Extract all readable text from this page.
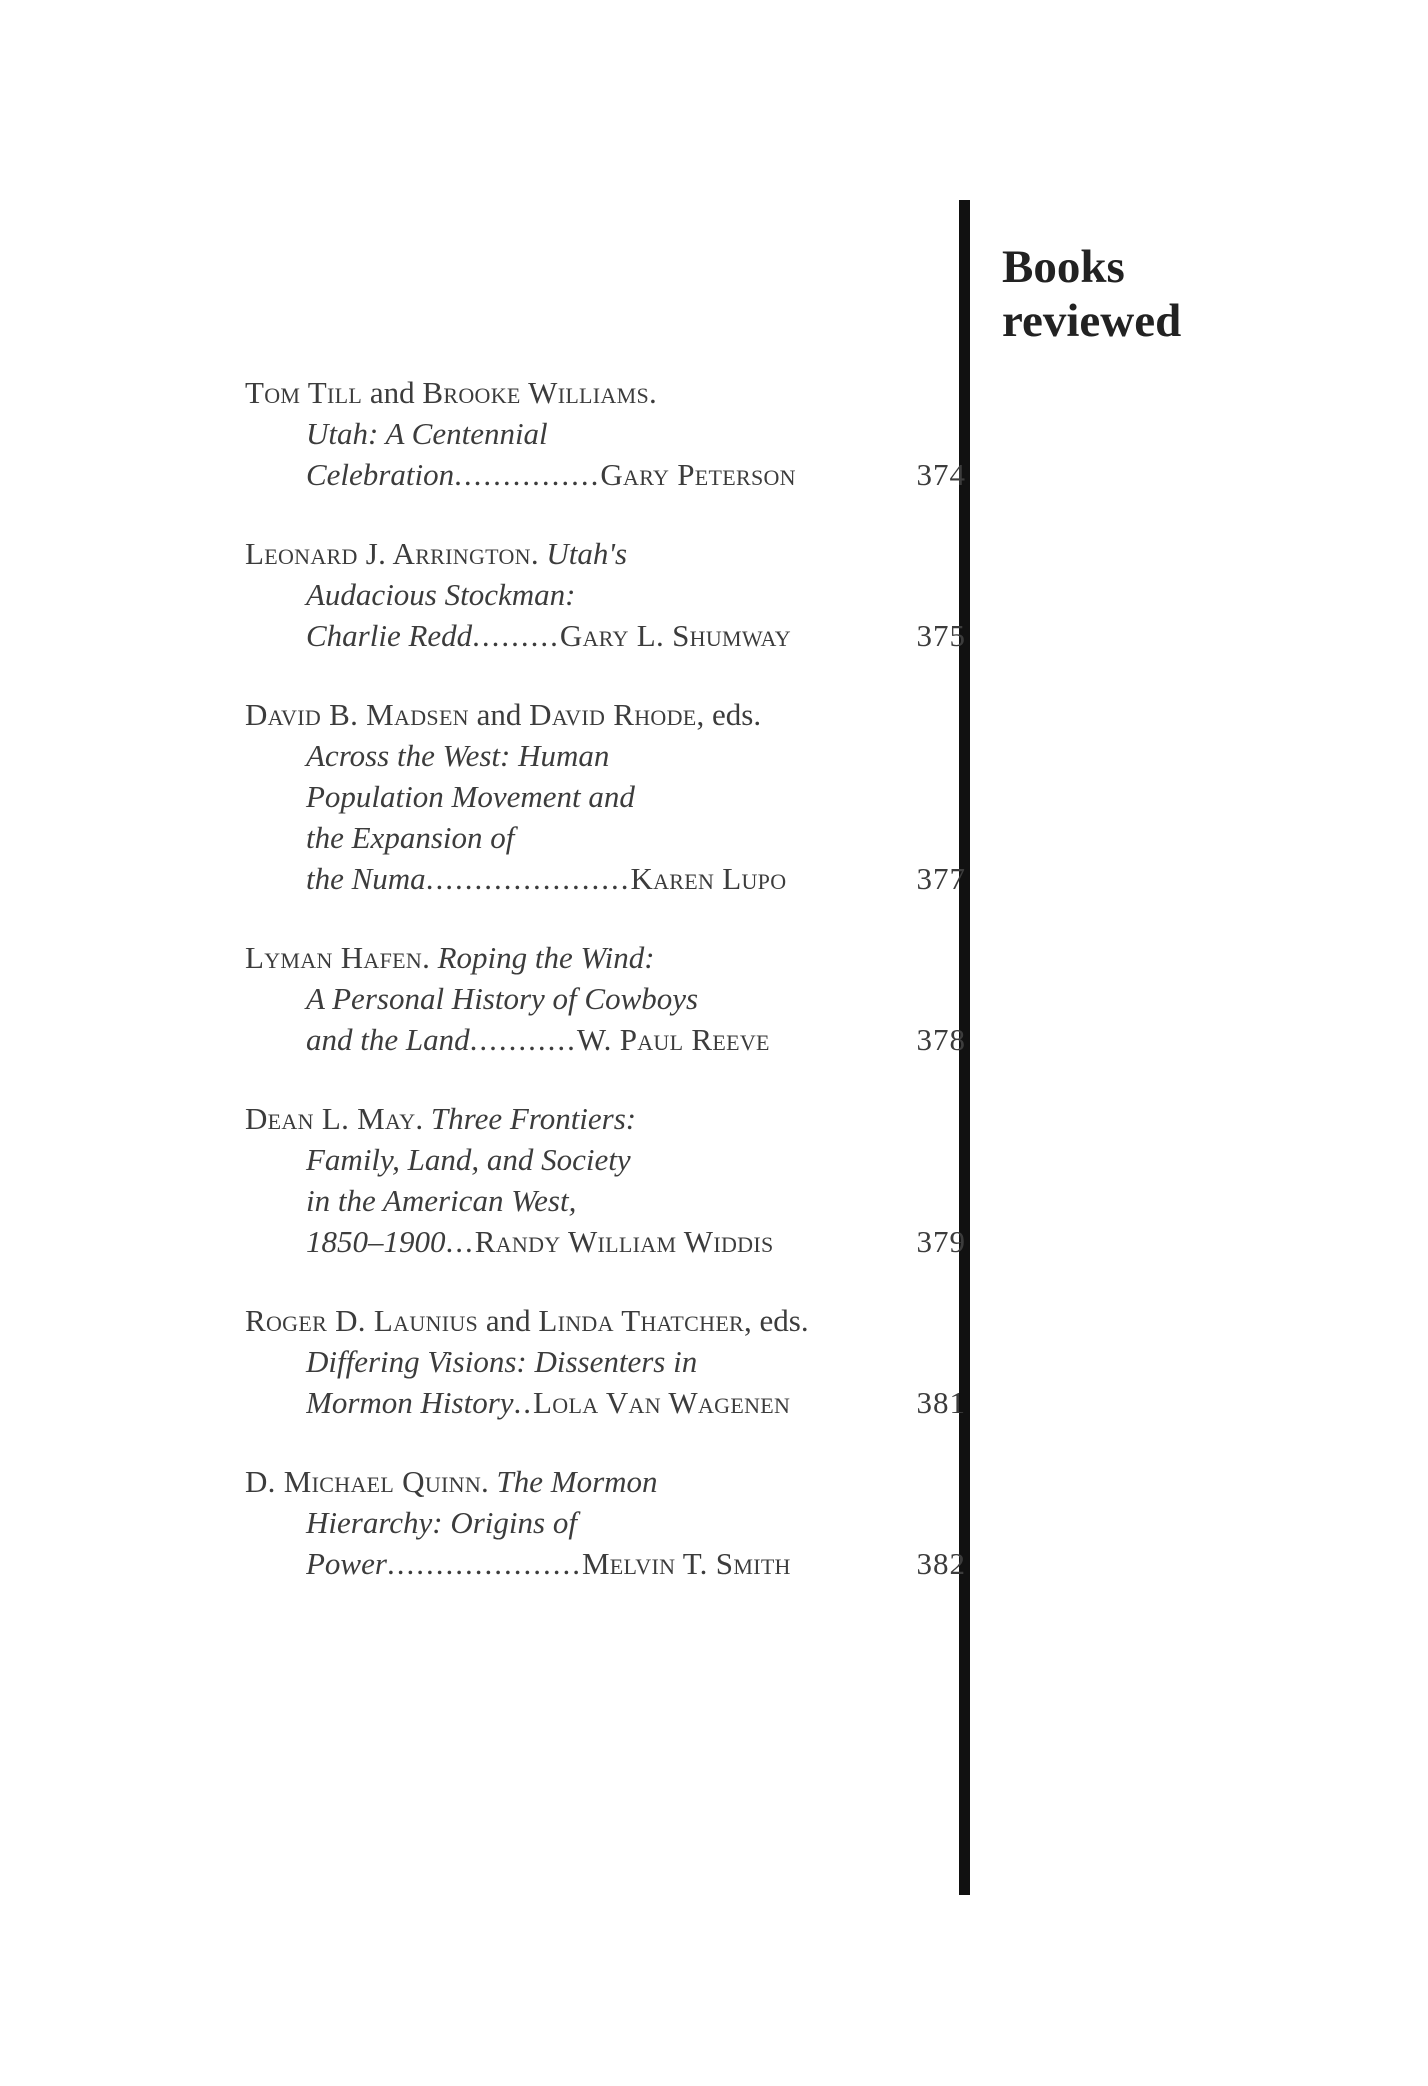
Books
reviewed
Tom Till and Brooke Williams.
Utah: A Centennial
Celebration ............... Gary Peterson	374
Leonard J. Arrington. Utah's
Audacious Stockman:
Charlie Redd ......... Gary L. Shumway	375
David B. Madsen and David Rhode, eds.
Across the West: Human
Population Movement and
the Expansion of
the Numa ..................... Karen Lupo	377
Lyman Hafen. Roping the Wind:
A Personal History of Cowboys
and the Land ........... W. Paul Reeve	378
Dean L. May. Three Frontiers:
Family, Land, and Society
in the American West,
1850–1900 ... Randy William Widdis	379
Roger D. Launius and Linda Thatcher, eds.
Differing Visions: Dissenters in
Mormon History .. Lola Van Wagenen	381
D. Michael Quinn. The Mormon
Hierarchy: Origins of
Power .................... Melvin T. Smith	382
